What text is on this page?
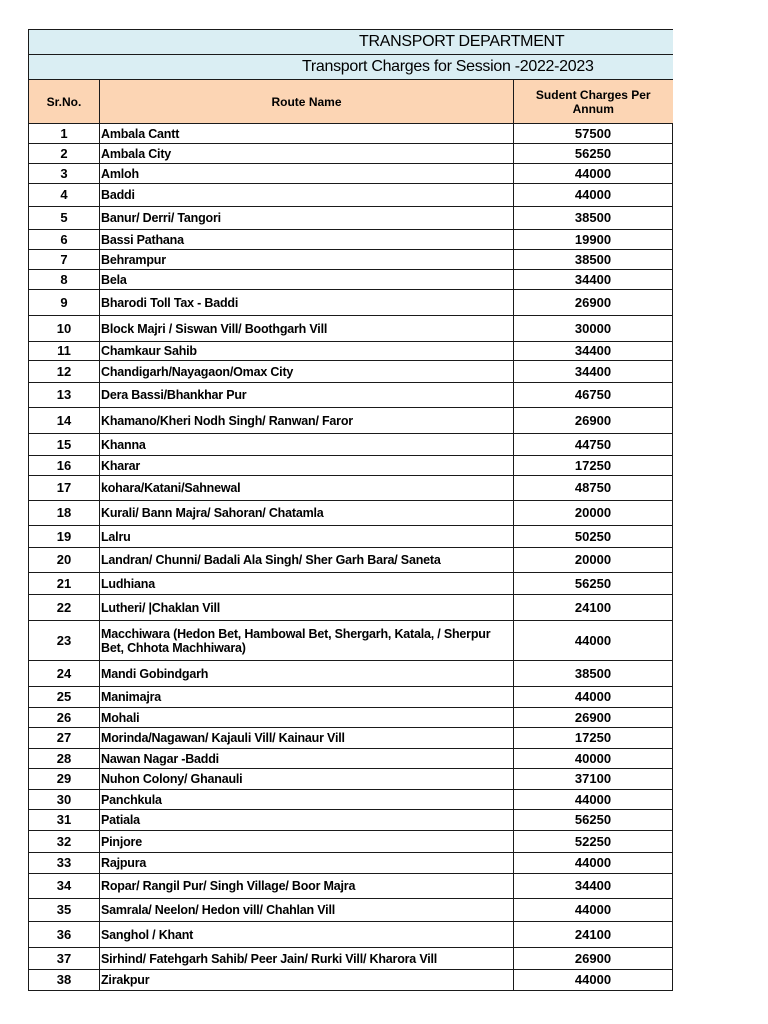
TRANSPORT DEPARTMENT		

Transport Charges for Session -2022-2023		

Sr.No.	Route Name	Sudent Charges Per Annum
1	Ambala Cantt	57500
2	Ambala City	56250
3	Amloh	44000
4	Baddi	44000
5	Banur/ Derri/ Tangori	38500
6	Bassi Pathana	19900
7	Behrampur	38500
8	Bela	34400
9	Bharodi Toll Tax - Baddi	26900
10	Block Majri / Siswan Vill/ Boothgarh Vill	30000
11	Chamkaur Sahib	34400
12	Chandigarh/Nayagaon/Omax City	34400
13	Dera Bassi/Bhankhar Pur	46750
14	Khamano/Kheri Nodh Singh/ Ranwan/ Faror	26900
15	Khanna	44750
16	Kharar	17250
17	kohara/Katani/Sahnewal	48750
18	Kurali/ Bann Majra/ Sahoran/ Chatamla	20000
19	Lalru	50250
20	Landran/ Chunni/ Badali Ala Singh/ Sher Garh Bara/ Saneta	20000
21	Ludhiana	56250
22	Lutheri/ |Chaklan Vill	24100
23	Macchiwara (Hedon Bet, Hambowal Bet, Shergarh, Katala, / Sherpur Bet, Chhota Machhiwara)	44000
24	Mandi Gobindgarh	38500
25	Manimajra	44000
26	Mohali	26900
27	Morinda/Nagawan/ Kajauli Vill/ Kainaur Vill	17250
28	Nawan Nagar -Baddi	40000
29	Nuhon Colony/ Ghanauli	37100
30	Panchkula	44000
31	Patiala	56250
32	Pinjore	52250
33	Rajpura	44000
34	Ropar/ Rangil Pur/ Singh Village/ Boor Majra	34400
35	Samrala/ Neelon/ Hedon vill/ Chahlan Vill	44000
36	Sanghol / Khant	24100
37	Sirhind/ Fatehgarh Sahib/ Peer Jain/ Rurki Vill/ Kharora Vill	26900
38	Zirakpur	44000
